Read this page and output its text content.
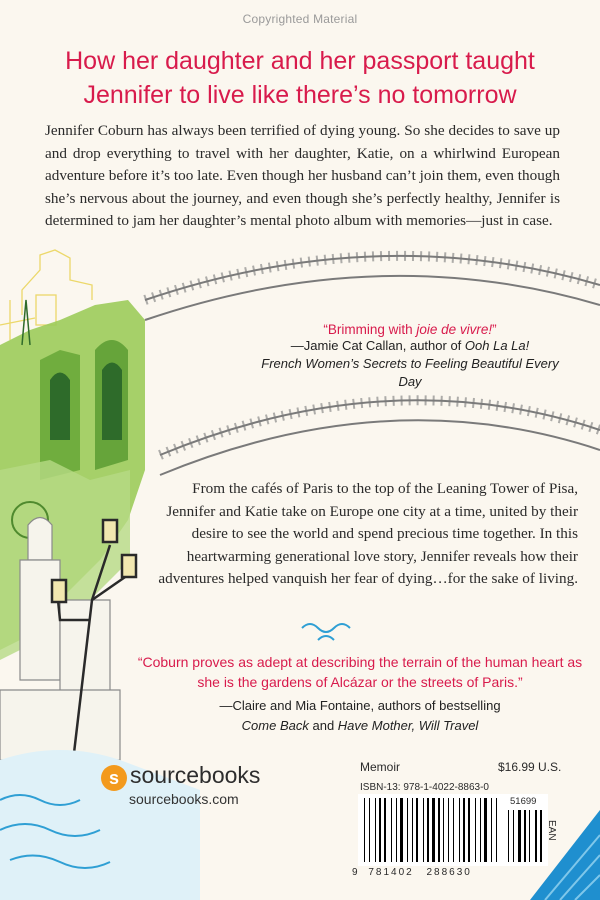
Copyrighted Material
How her daughter and her passport taught
Jennifer to live like there’s no tomorrow
Jennifer Coburn has always been terrified of dying young. So she decides to save up and drop everything to travel with her daughter, Katie, on a whirlwind European adventure before it’s too late. Even though her husband can’t join them, even though she’s nervous about the journey, and even though she’s perfectly healthy, Jennifer is determined to jam her daughter’s mental photo album with memories—just in case.
“Brimming with joie de vivre!”
—Jamie Cat Callan, author of Ooh La La!
French Women’s Secrets to Feeling Beautiful Every Day
From the cafés of Paris to the top of the Leaning Tower of Pisa, Jennifer and Katie take on Europe one city at a time, united by their desire to see the world and spend precious time together. In this heartwarming generational love story, Jennifer reveals how their adventures helped vanquish her fear of dying…for the sake of living.
“Coburn proves as adept at describing the terrain of the human heart as she is the gardens of Alcázar or the streets of Paris.”
—Claire and Mia Fontaine, authors of bestselling
Come Back and Have Mother, Will Travel
s sourcebooks
sourcebooks.com
Memoir	$16.99 U.S.
ISBN-13: 978-1-4022-8863-0
51699
EAN
9 781402 288630
